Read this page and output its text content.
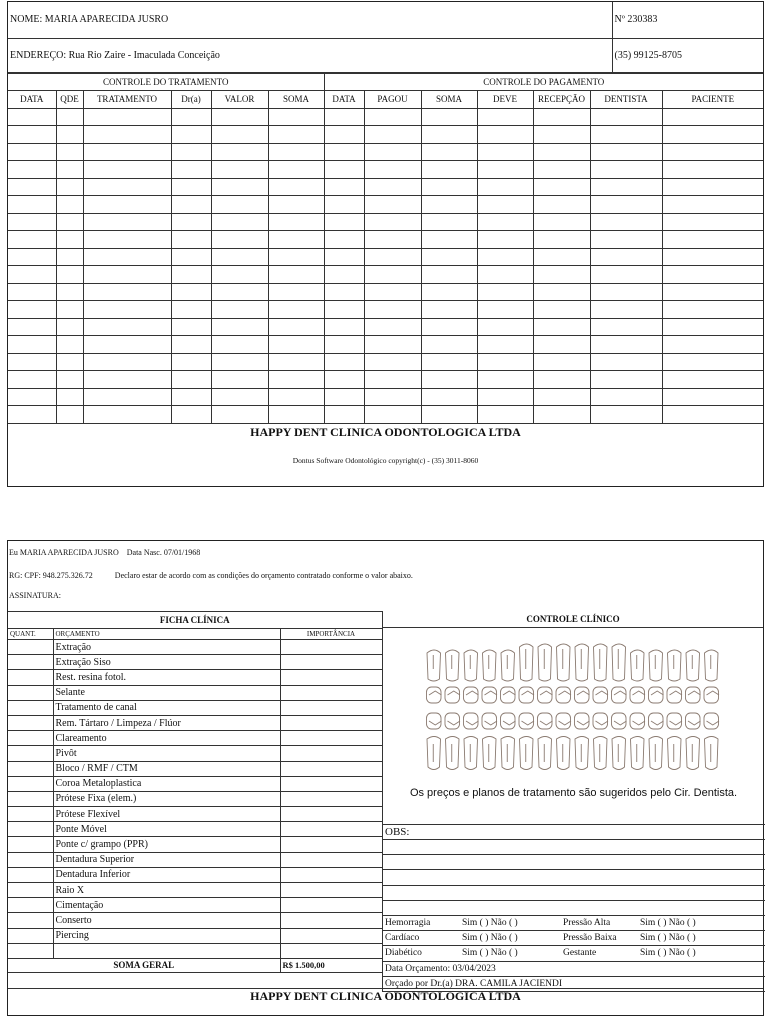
NOME: MARIA APARECIDA JUSRO	Nº 230383
ENDEREÇO: Rua Rio Zaire - Imaculada Conceição	(35) 99125-8705
CONTROLE DO TRATAMENTO						CONTROLE DO PAGAMENTO						
DATA	QDE	TRATAMENTO	Dr(a)	VALOR	SOMA	DATA	PAGOU	SOMA	DEVE	RECEPÇÃO	DENTISTA	PACIENTE

HAPPY DENT CLINICA ODONTOLOGICA LTDA
Dontus Software Odontológico copyright(c) - (35) 3011-8060
Eu MARIA APARECIDA JUSRO Data Nasc. 07/01/1968
RG: CPF: 948.275.326.72	Declaro estar de acordo com as condições do orçamento contratado conforme o valor abaixo.
ASSINATURA:
FICHA CLÍNICA		
QUANT.	ORÇAMENTO	IMPORTÂNCIA
	Extração	
	Extração Siso	
	Rest. resina fotol.	
	Selante	
	Tratamento de canal	
	Rem. Tártaro / Limpeza / Flúor	
	Clareamento	
	Pivôt	
	Bloco / RMF / CTM	
	Coroa Metaloplastica	
	Prótese Fixa (elem.)	
	Prótese Flexível	
	Ponte Móvel	
	Ponte c/ grampo (PPR)	
	Dentadura Superior	
	Dentadura Inferior	
	Raio X	
	Cimentação	
	Conserto	
	Piercing	

SOMA GERAL		R$ 1.500,00
CONTROLE CLÍNICO
Os preços e planos de tratamento são sugeridos pelo Cir. Dentista.
OBS:			

Hemorragia	Sim ( ) Não ( )	Pressão Alta	Sim ( ) Não ( )
Cardíaco	Sim ( ) Não ( )	Pressão Baixa	Sim ( ) Não ( )
Diabético	Sim ( ) Não ( )	Gestante	Sim ( ) Não ( )
Data Orçamento: 03/04/2023			
Orçado por Dr.(a) DRA. CAMILA JACIENDI			
HAPPY DENT CLINICA ODONTOLOGICA LTDA
